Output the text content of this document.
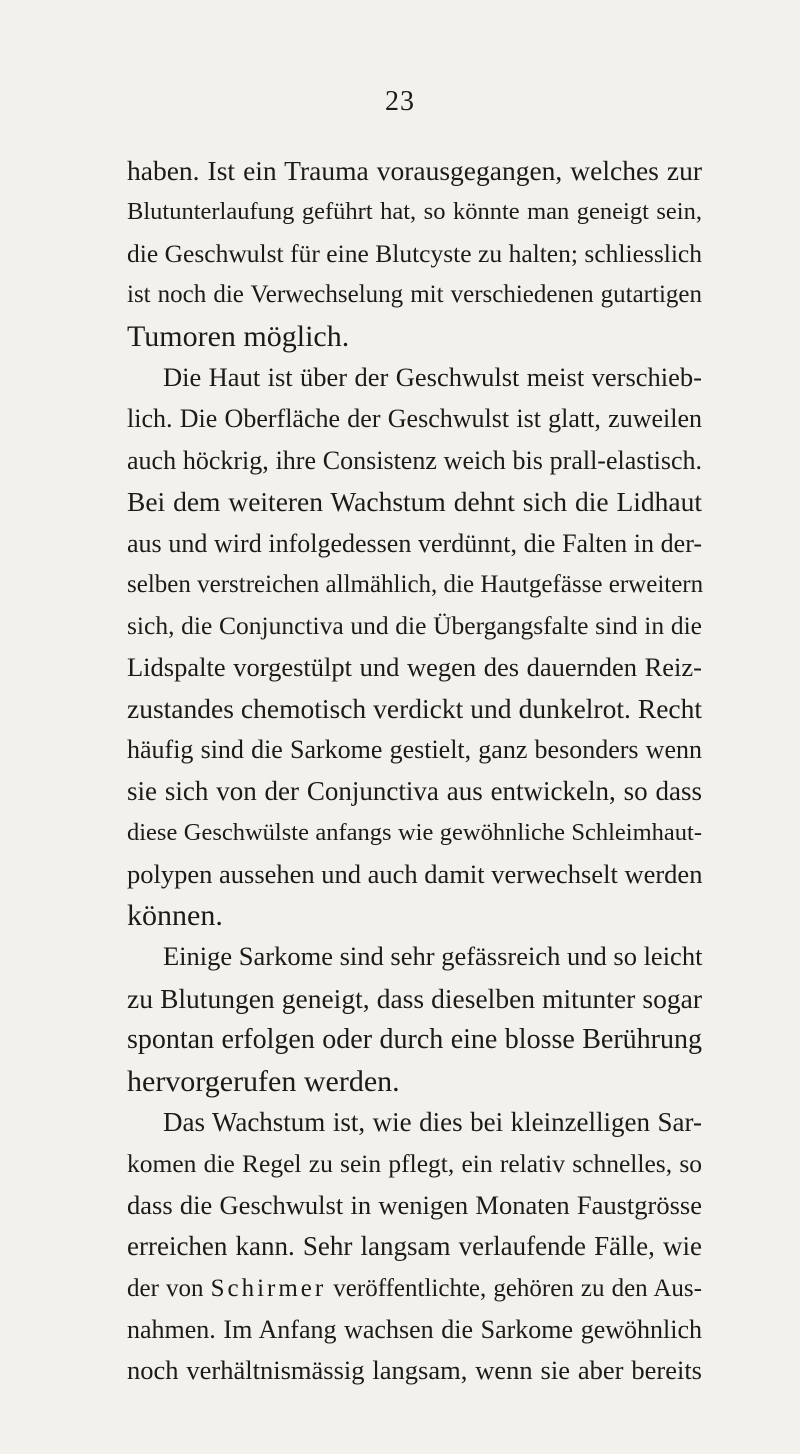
23
haben. Ist ein Trauma vorausgegangen, welches zur
Blutunterlaufung geführt hat, so könnte man geneigt sein,
die Geschwulst für eine Blutcyste zu halten; schliesslich
ist noch die Verwechselung mit verschiedenen gutartigen
Tumoren möglich.
Die Haut ist über der Geschwulst meist verschieb-
lich. Die Oberfläche der Geschwulst ist glatt, zuweilen
auch höckrig, ihre Consistenz weich bis prall-elastisch.
Bei dem weiteren Wachstum dehnt sich die Lidhaut
aus und wird infolgedessen verdünnt, die Falten in der-
selben verstreichen allmählich, die Hautgefässe erweitern
sich, die Conjunctiva und die Übergangsfalte sind in die
Lidspalte vorgestülpt und wegen des dauernden Reiz-
zustandes chemotisch verdickt und dunkelrot. Recht
häufig sind die Sarkome gestielt, ganz besonders wenn
sie sich von der Conjunctiva aus entwickeln, so dass
diese Geschwülste anfangs wie gewöhnliche Schleimhaut-
polypen aussehen und auch damit verwechselt werden
können.
Einige Sarkome sind sehr gefässreich und so leicht
zu Blutungen geneigt, dass dieselben mitunter sogar
spontan erfolgen oder durch eine blosse Berührung
hervorgerufen werden.
Das Wachstum ist, wie dies bei kleinzelligen Sar-
komen die Regel zu sein pflegt, ein relativ schnelles, so
dass die Geschwulst in wenigen Monaten Faustgrösse
erreichen kann. Sehr langsam verlaufende Fälle, wie
der von Schirmer veröffentlichte, gehören zu den Aus-
nahmen. Im Anfang wachsen die Sarkome gewöhnlich
noch verhältnismässig langsam, wenn sie aber bereits
